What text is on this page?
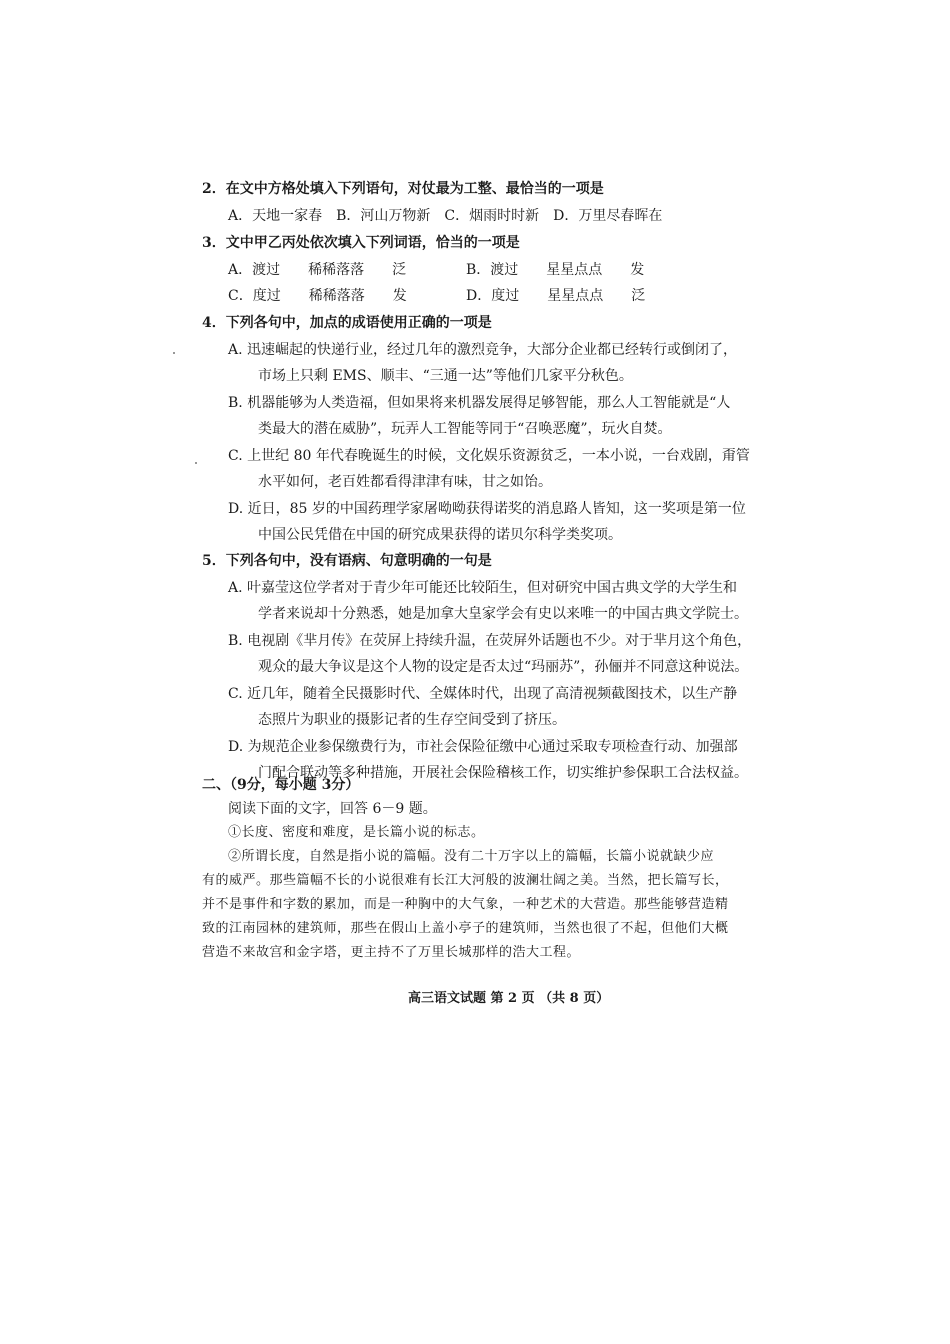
2．在文中方格处填入下列语句，对仗最为工整、最恰当的一项是
A．天地一家春　B．河山万物新　C．烟雨时时新　D．万里尽春晖在
3．文中甲乙丙处依次填入下列词语，恰当的一项是
A．渡过　　稀稀落落　　泛	B．渡过　　星星点点　　发
C．度过　　稀稀落落　　发	D．度过　　星星点点　　泛
4．下列各句中，加点的成语使用正确的一项是
A. 迅速崛起的快递行业，经过几年的激烈竞争，大部分企业都已经转行或倒闭了，
市场上只剩 EMS、顺丰、“三通一达”等他们几家平分秋色。
B. 机器能够为人类造福，但如果将来机器发展得足够智能，那么人工智能就是“人
类最大的潜在威胁”，玩弄人工智能等同于“召唤恶魔”，玩火自焚。
C. 上世纪 80 年代春晚诞生的时候，文化娱乐资源贫乏，一本小说，一台戏剧，甭管
水平如何，老百姓都看得津津有味，甘之如饴。
D. 近日，85 岁的中国药理学家屠呦呦获得诺奖的消息路人皆知，这一奖项是第一位
中国公民凭借在中国的研究成果获得的诺贝尔科学类奖项。
5．下列各句中，没有语病、句意明确的一句是
A. 叶嘉莹这位学者对于青少年可能还比较陌生，但对研究中国古典文学的大学生和
学者来说却十分熟悉，她是加拿大皇家学会有史以来唯一的中国古典文学院士。
B. 电视剧《芈月传》在荧屏上持续升温，在荧屏外话题也不少。对于芈月这个角色，
观众的最大争议是这个人物的设定是否太过“玛丽苏”，孙俪并不同意这种说法。
C. 近几年，随着全民摄影时代、全媒体时代，出现了高清视频截图技术，以生产静
态照片为职业的摄影记者的生存空间受到了挤压。
D. 为规范企业参保缴费行为，市社会保险征缴中心通过采取专项检查行动、加强部
门配合联动等多种措施，开展社会保险稽核工作，切实维护参保职工合法权益。
二、（9分，每小题 3分）
阅读下面的文字，回答 6－9 题。
①长度、密度和难度，是长篇小说的标志。
②所谓长度，自然是指小说的篇幅。没有二十万字以上的篇幅，长篇小说就缺少应
有的威严。那些篇幅不长的小说很难有长江大河般的波澜壮阔之美。当然，把长篇写长，
并不是事件和字数的累加，而是一种胸中的大气象，一种艺术的大营造。那些能够营造精
致的江南园林的建筑师，那些在假山上盖小亭子的建筑师，当然也很了不起，但他们大概
营造不来故宫和金字塔，更主持不了万里长城那样的浩大工程。
高三语文试题 第 2 页 （共 8 页）
